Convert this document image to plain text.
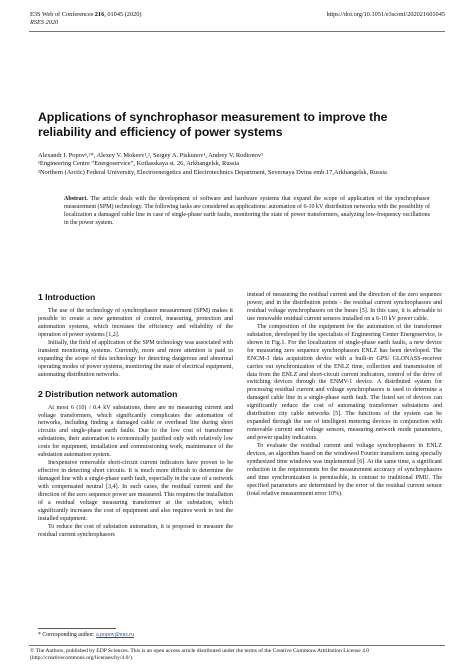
E3S Web of Conferences 216, 01045 (2020)
RSES 2020
https://doi.org/10.1051/e3sconf/202021601045
Applications of synchrophasor measurement to improve the reliability and efficiency of power systems
Alexandr I. Popov¹,²*, Alexey V. Mokeev¹,², Sergey A. Piskunov¹, Andrey V. Rodionov¹
¹Engineering Centre “Energoservice”, Kotlasskaya st. 26, Arkhangelsk, Russia
²Northern (Arctic) Federal University, Electroenergetics and Electrotechnics Department, Severnaya Dvina emb.17,Arkhangelsk, Russia
Abstract. The article deals with the development of software and hardware systems that expand the scope of application of the synchrophasor measurement (SPM) technology. The following tasks are considered as applications: automation of 6-10 kV distribution networks with the possibility of localization a damaged cable line in case of single-phase earth faults, monitoring the state of power transformers, analyzing low-frequency oscillations in the power system.
1 Introduction

The use of the technology of synchrophasor measurement (SPM) makes it possible to create a new generation of control, measuring, protection and automation systems, which increases the efficiency and reliability of the operation of power systems [1,2].

Initially, the field of application of the SPM technology was associated with transient monitoring systems. Currently, more and more attention is paid to expanding the scope of this technology for detecting dangerous and abnormal operating modes of power systems, monitoring the state of electrical equipment, automating distribution networks.

2 Distribution network automation

At most 6 (10) / 0.4 kV substations, there are no measuring current and voltage transformers, which significantly complicates the automation of networks, including finding a damaged cable or overhead line during short circuits and single-phase earth faults. Due to the low cost of transformer substations, their automation is economically justified only with relatively low costs for equipment, installation and commissioning work, maintenance of the substation automation system.

Inexpensive removable short-circuit current indicators have proven to be effective in detecting short circuits. It is much more difficult to determine the damaged line with a single-phase earth fault, especially in the case of a network with compensated neutral [3,4]. In such cases, the residual current and the direction of the zero sequence power are measured. This requires the installation of a residual voltage measuring transformer at the substation, which significantly increases the cost of equipment and also requires work to test the installed equipment.

To reduce the cost of substation automation, it is proposed to measure the residual current synchrophasors

instead of measuring the residual current and the direction of the zero sequence power, and in the distribution points - the residual current synchrophasors and residual voltage synchrophasors on the buses [5]. In this case, it is advisable to use removable residual current sensors installed on a 6-10 kV power cable.

The composition of the equipment for the automation of the transformer substation, developed by the specialists of Engineering Center Energoservice, is shown in Fig.1. For the localization of single-phase earth faults, a new device for measuring zero sequence synchrophasors ENLZ has been developed. The ENCM-3 data acquisition device with a built-in GPS/ GLONASS-receiver carries out synchronization of the ENLZ time, collection and transmission of data from the ENLZ and short-circuit current indicators, control of the drive of switching devices through the ENMV-1 device. A distributed system for processing residual current and voltage synchrophasors is used to determine a damaged cable line in a single-phase earth fault. The listed set of devices can significantly reduce the cost of automating transformer substations and distribution city cable networks [5]. The functions of the system can be expanded through the use of intelligent metering devices in conjunction with removable current and voltage sensors, measuring network mode parameters, and power quality indicators.

To evaluate the residual current and voltage synchrophasors in ENLZ devices, an algorithm based on the windowed Fourier transform using specially synthesized time windows was implemented [6]. At the same time, a significant reduction in the requirements for the measurement accuracy of synchrophasors and time synchronization is permissible, in contrast to traditional PMU. The specified parameters are determined by the error of the residual current sensor (total relative measurement error 10%).

* Corresponding author: a.popov@ens.ru
© The Authors, published by EDP Sciences. This is an open access article distributed under the terms of the Creative Commons Attribution License 4.0 (http://creativecommons.org/licenses/by/4.0/).
